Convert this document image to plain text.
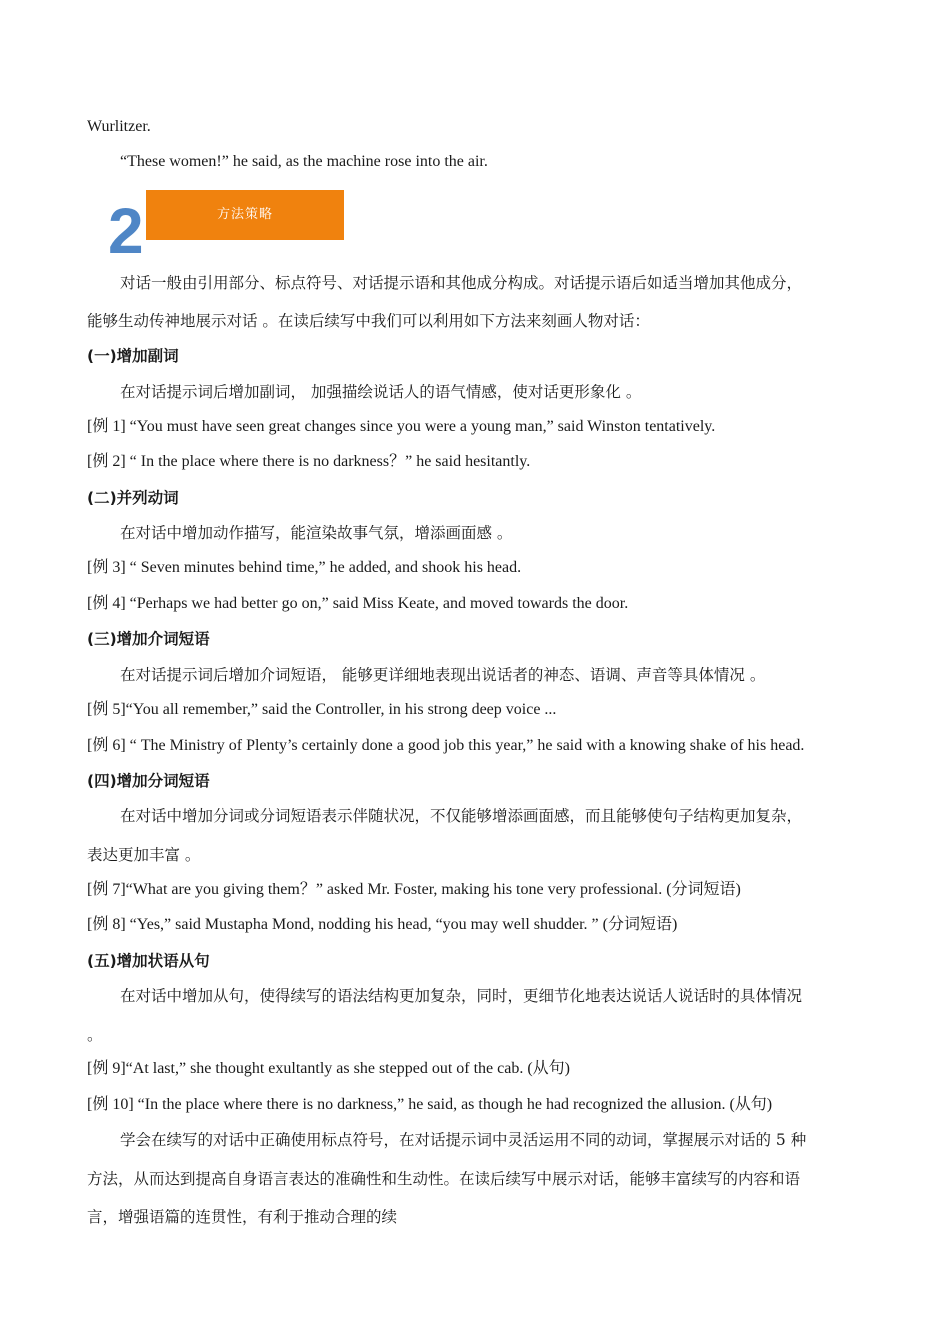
Wurlitzer.
“These women!” he said, as the machine rose into the air.
2	方法策略
对话一般由引用部分、标点符号、对话提示语和其他成分构成。对话提示语后如适当增加其他成分，
能够生动传神地展示对话 。在读后续写中我们可以利用如下方法来刻画人物对话：
(一)增加副词
在对话提示词后增加副词， 加强描绘说话人的语气情感，使对话更形象化 。
[例 1] “You must have seen great changes since you were a young man,” said Winston tentatively.
[例 2] “ In the place where there is no darkness？” he said hesitantly.
(二)并列动词
在对话中增加动作描写，能渲染故事气氛，增添画面感 。
[例 3] “ Seven minutes behind time,” he added, and shook his head.
[例 4] “Perhaps we had better go on,” said Miss Keate, and moved towards the door.
(三)增加介词短语
在对话提示词后增加介词短语， 能够更详细地表现出说话者的神态、语调、声音等具体情况 。
[例 5]“You all remember,” said the Controller, in his strong deep voice ...
[例 6] “ The Ministry of Plenty’s certainly done a good job this year,” he said with a knowing shake of his head.
(四)增加分词短语
在对话中增加分词或分词短语表示伴随状况，不仅能够增添画面感，而且能够使句子结构更加复杂，
表达更加丰富 。
[例 7]“What are you giving them？” asked Mr. Foster, making his tone very professional. (分词短语)
[例 8] “Yes,” said Mustapha Mond, nodding his head, “you may well shudder. ” (分词短语)
(五)增加状语从句
在对话中增加从句，使得续写的语法结构更加复杂，同时，更细节化地表达说话人说话时的具体情况
。
[例 9]“At last,” she thought exultantly as she stepped out of the cab. (从句)
[例 10] “In the place where there is no darkness,” he said, as though he had recognized the allusion. (从句)
学会在续写的对话中正确使用标点符号，在对话提示词中灵活运用不同的动词，掌握展示对话的 5 种
方法，从而达到提高自身语言表达的准确性和生动性。在读后续写中展示对话，能够丰富续写的内容和语
言，增强语篇的连贯性，有利于推动合理的续
